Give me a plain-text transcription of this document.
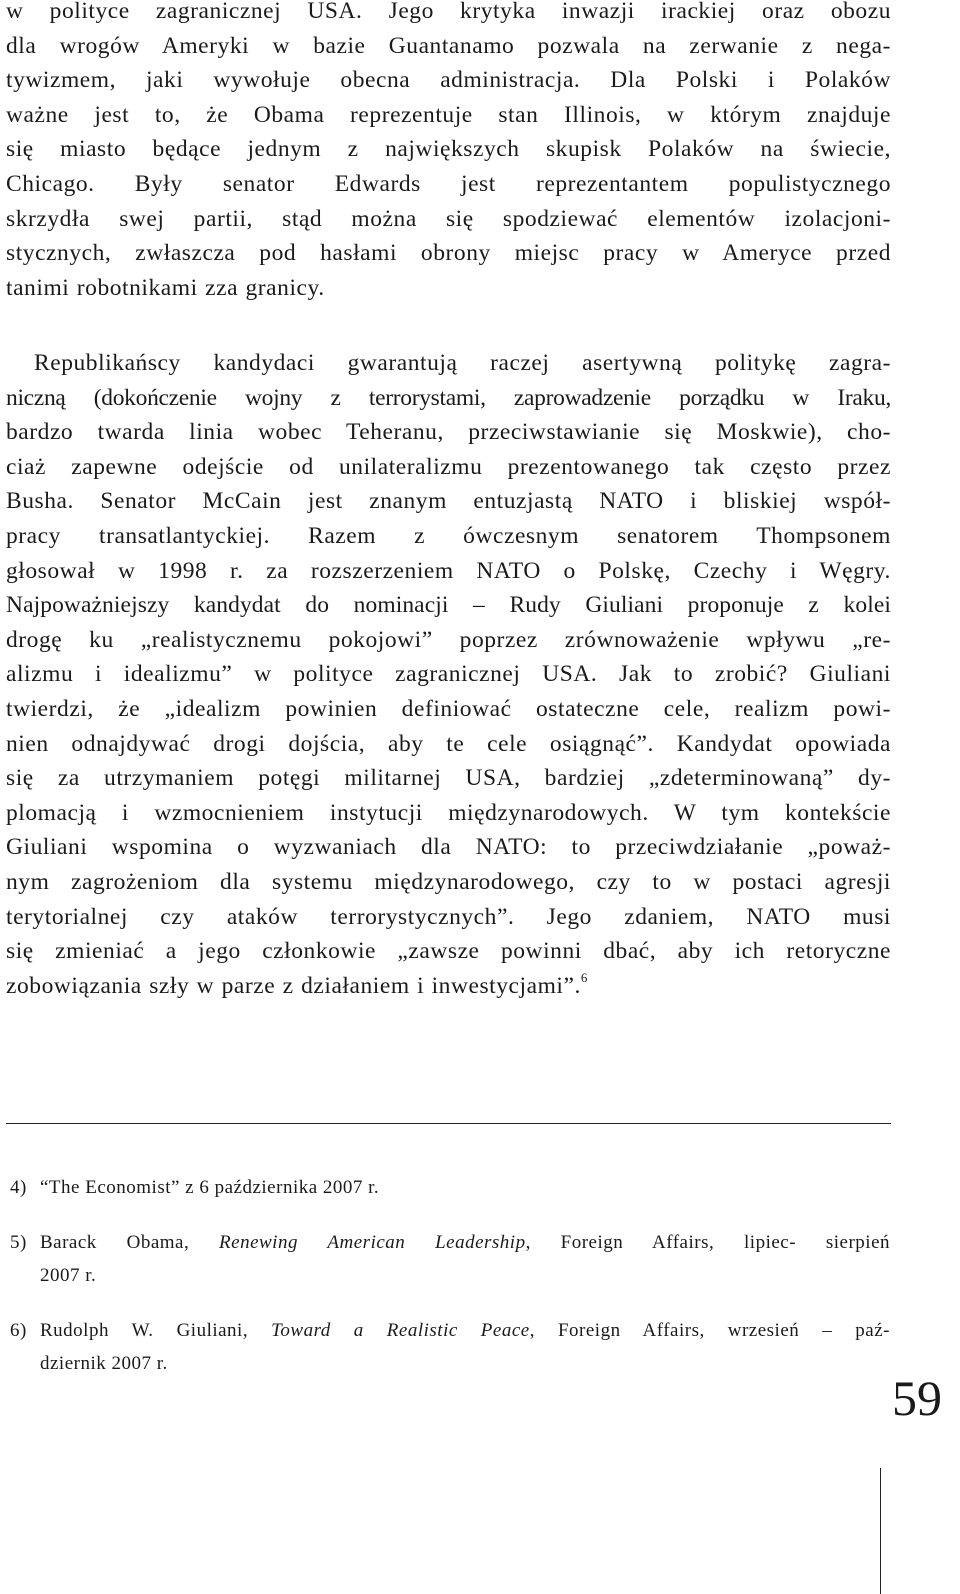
w polityce zagranicznej USA. Jego krytyka inwazji irackiej oraz obozu
dla wrogów Ameryki w bazie Guantanamo pozwala na zerwanie z nega-
tywizmem, jaki wywołuje obecna administracja. Dla Polski i Polaków
ważne jest to, że Obama reprezentuje stan Illinois, w którym znajduje
się miasto będące jednym z największych skupisk Polaków na świecie,
Chicago. Były senator Edwards jest reprezentantem populistycznego
skrzydła swej partii, stąd można się spodziewać elementów izolacjoni-
stycznych, zwłaszcza pod hasłami obrony miejsc pracy w Ameryce przed
tanimi robotnikami zza granicy.
Republikańscy kandydaci gwarantują raczej asertywną politykę zagra-
niczną (dokończenie wojny z terrorystami, zaprowadzenie porządku w Iraku,
bardzo twarda linia wobec Teheranu, przeciwstawianie się Moskwie), cho-
ciaż zapewne odejście od unilateralizmu prezentowanego tak często przez
Busha. Senator McCain jest znanym entuzjastą NATO i bliskiej współ-
pracy transatlantyckiej. Razem z ówczesnym senatorem Thompsonem
głosował w 1998 r. za rozszerzeniem NATO o Polskę, Czechy i Węgry.
Najpoważniejszy kandydat do nominacji – Rudy Giuliani proponuje z kolei
drogę ku „realistycznemu pokojowi” poprzez zrównoważenie wpływu „re-
alizmu i idealizmu” w polityce zagranicznej USA. Jak to zrobić? Giuliani
twierdzi, że „idealizm powinien definiować ostateczne cele, realizm powi-
nien odnajdywać drogi dojścia, aby te cele osiągnąć”. Kandydat opowiada
się za utrzymaniem potęgi militarnej USA, bardziej „zdeterminowaną” dy-
plomacją i wzmocnieniem instytucji międzynarodowych. W tym kontekście
Giuliani wspomina o wyzwaniach dla NATO: to przeciwdziałanie „poważ-
nym zagrożeniom dla systemu międzynarodowego, czy to w postaci agresji
terytorialnej czy ataków terrorystycznych”. Jego zdaniem, NATO musi
się zmieniać a jego członkowie „zawsze powinni dbać, aby ich retoryczne
zobowiązania szły w parze z działaniem i inwestycjami”.$^6$
4) “The Economist” z 6 października 2007 r.
5) Barack Obama, Renewing American Leadership, Foreign Affairs, lipiec- sierpień
2007 r.
6) Rudolph W. Giuliani, Toward a Realistic Peace, Foreign Affairs, wrzesień – paź-
dziernik 2007 r.
59
